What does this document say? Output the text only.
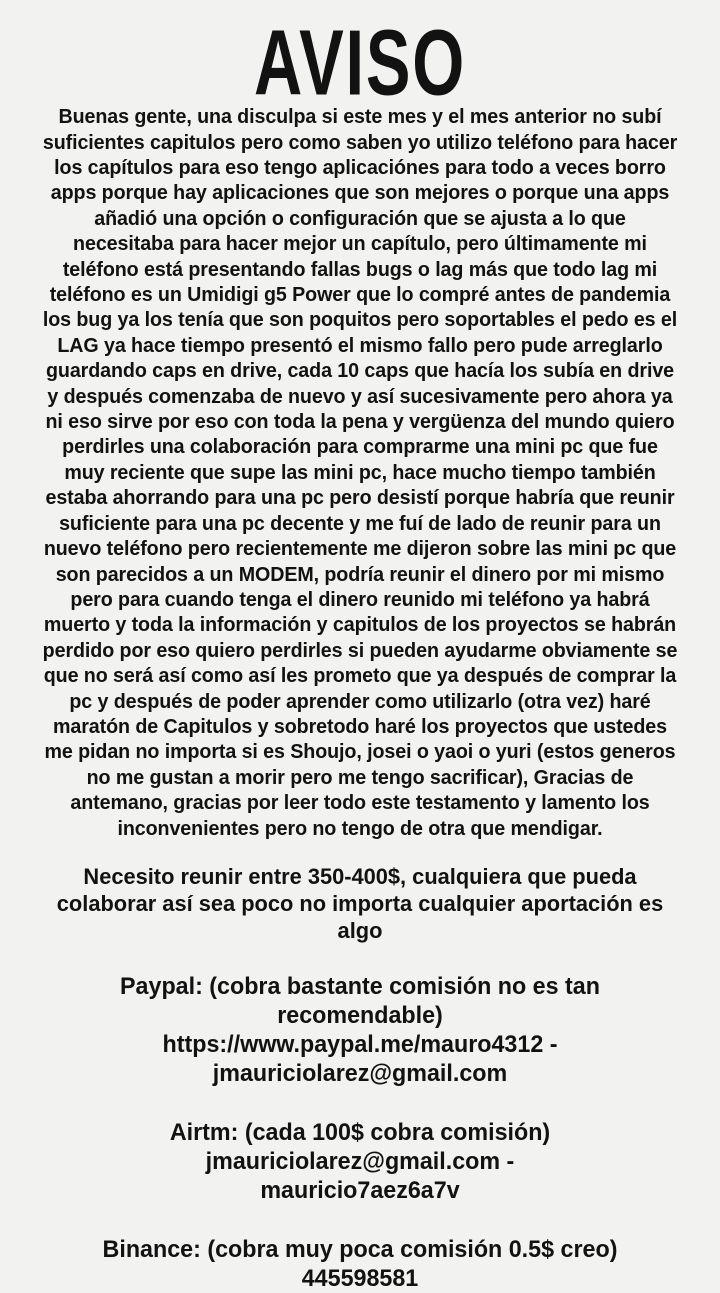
AVISO

Buenas gente, una disculpa si este mes y el mes anterior no subí suficientes capitulos pero como saben yo utilizo teléfono para hacer los capítulos para eso tengo aplicaciónes para todo a veces borro apps porque hay aplicaciones que son mejores o porque una apps añadió una opción o configuración que se ajusta a lo que necesitaba para hacer mejor un capítulo, pero últimamente mi teléfono está presentando fallas bugs o lag más que todo lag mi teléfono es un Umidigi g5 Power que lo compré antes de pandemia los bug ya los tenía que son poquitos pero soportables el pedo es el LAG ya hace tiempo presentó el mismo fallo pero pude arreglarlo guardando caps en drive, cada 10 caps que hacía los subía en drive y después comenzaba de nuevo y así sucesivamente pero ahora ya ni eso sirve por eso con toda la pena y vergüenza del mundo quiero perdirles una colaboración para comprarme una mini pc que fue muy reciente que supe las mini pc, hace mucho tiempo también estaba ahorrando para una pc pero desistí porque habría que reunir suficiente para una pc decente y me fuí de lado de reunir para un nuevo teléfono pero recientemente me dijeron sobre las mini pc que son parecidos a un MODEM, podría reunir el dinero por mi mismo pero para cuando tenga el dinero reunido mi teléfono ya habrá muerto y toda la información y capitulos de los proyectos se habrán perdido por eso quiero perdirles si pueden ayudarme obviamente se que no será así como así les prometo que ya después de comprar la pc y después de poder aprender como utilizarlo (otra vez) haré maratón de Capitulos y sobretodo haré los proyectos que ustedes me pidan no importa si es Shoujo, josei o yaoi o yuri (estos generos no me gustan a morir pero me tengo sacrificar), Gracias de antemano, gracias por leer todo este testamento y lamento los inconvenientes pero no tengo de otra que mendigar.

Necesito reunir entre 350-400$, cualquiera que pueda colaborar así sea poco no importa cualquier aportación es algo

Paypal: (cobra bastante comisión no es tan recomendable)
https://www.paypal.me/mauro4312 -
jmauriciolarez@gmail.com
Airtm: (cada 100$ cobra comisión)
jmauriciolarez@gmail.com -
mauricio7aez6a7v
Binance: (cobra muy poca comisión 0.5$ creo)
445598581
